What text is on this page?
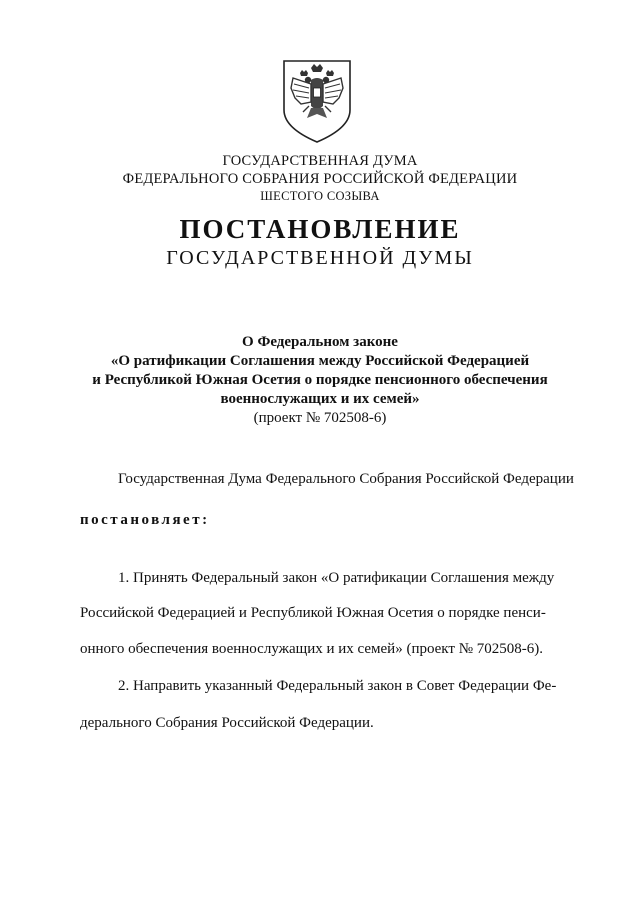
ГОСУДАРСТВЕННАЯ ДУМА
ФЕДЕРАЛЬНОГО СОБРАНИЯ РОССИЙСКОЙ ФЕДЕРАЦИИ
ШЕСТОГО СОЗЫВА
ПОСТАНОВЛЕНИЕ
ГОСУДАРСТВЕННОЙ ДУМЫ
О Федеральном законе
«О ратификации Соглашения между Российской Федерацией
и Республикой Южная Осетия о порядке пенсионного обеспечения
военнослужащих и их семей»
(проект № 702508-6)
Государственная Дума Федерального Собрания Российской Федерации
постановляет:
1. Принять Федеральный закон «О ратификации Соглашения между
Российской Федерацией и Республикой Южная Осетия о порядке пенси-
онного обеспечения военнослужащих и их семей» (проект № 702508-6).
2. Направить указанный Федеральный закон в Совет Федерации Фе-
дерального Собрания Российской Федерации.
